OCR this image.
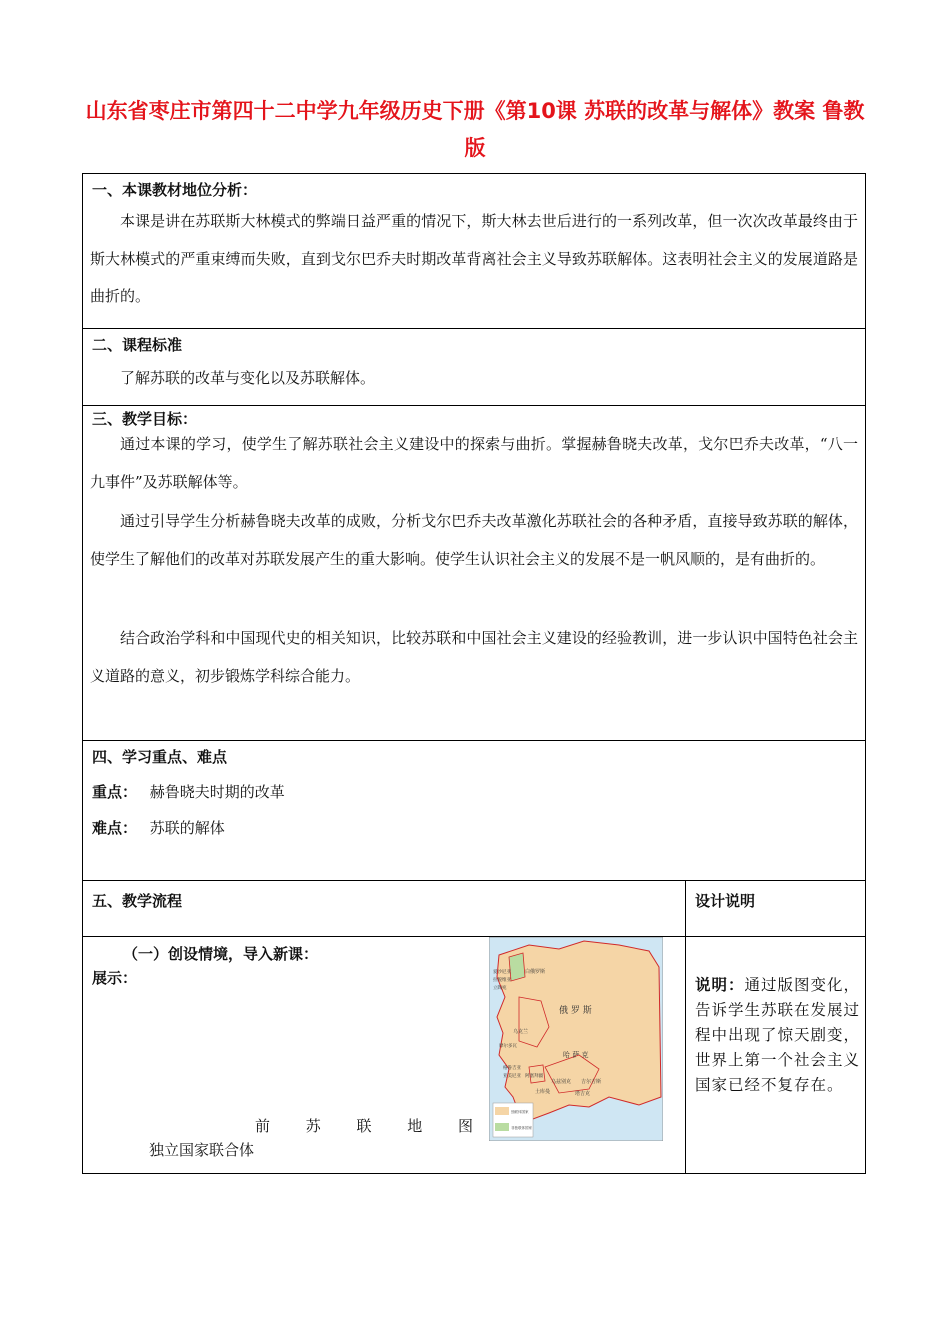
山东省枣庄市第四十二中学九年级历史下册《第10课 苏联的改革与解体》教案 鲁教版
一、本课教材地位分析：

本课是讲在苏联斯大林模式的弊端日益严重的情况下，斯大林去世后进行的一系列改革，但一次次改革最终由于斯大林模式的严重束缚而失败，直到戈尔巴乔夫时期改革背离社会主义导致苏联解体。这表明社会主义的发展道路是曲折的。

二、课程标准

了解苏联的改革与变化以及苏联解体。

三、教学目标：

通过本课的学习，使学生了解苏联社会主义建设中的探索与曲折。掌握赫鲁晓夫改革，戈尔巴乔夫改革，“八一九事件”及苏联解体等。

通过引导学生分析赫鲁晓夫改革的成败，分析戈尔巴乔夫改革激化苏联社会的各种矛盾，直接导致苏联的解体，使学生了解他们的改革对苏联发展产生的重大影响。使学生认识社会主义的发展不是一帆风顺的，是有曲折的。

结合政治学科和中国现代史的相关知识，比较苏联和中国社会主义建设的经验教训，进一步认识中国特色社会主义道路的意义，初步锻炼学科综合能力。

四、学习重点、难点
重点： 赫鲁晓夫时期的改革
难点： 苏联的解体
五、教学流程	设计说明
（一）创设情境，导入新课：
展示：
俄 罗 斯
白俄罗斯
乌克兰
哈 萨 克
乌兹别克
土库曼
吉尔吉斯
塔吉克
格鲁吉亚
亚美尼亚 阿塞拜疆
摩尔多瓦
立陶宛
拉脱维亚
爱沙尼亚
独联体国家
非独联体国家
前 苏 联 地 图
独立国家联合体

说明：通过版图变化，告诉学生苏联在发展过程中出现了惊天剧变，世界上第一个社会主义国家已经不复存在。
